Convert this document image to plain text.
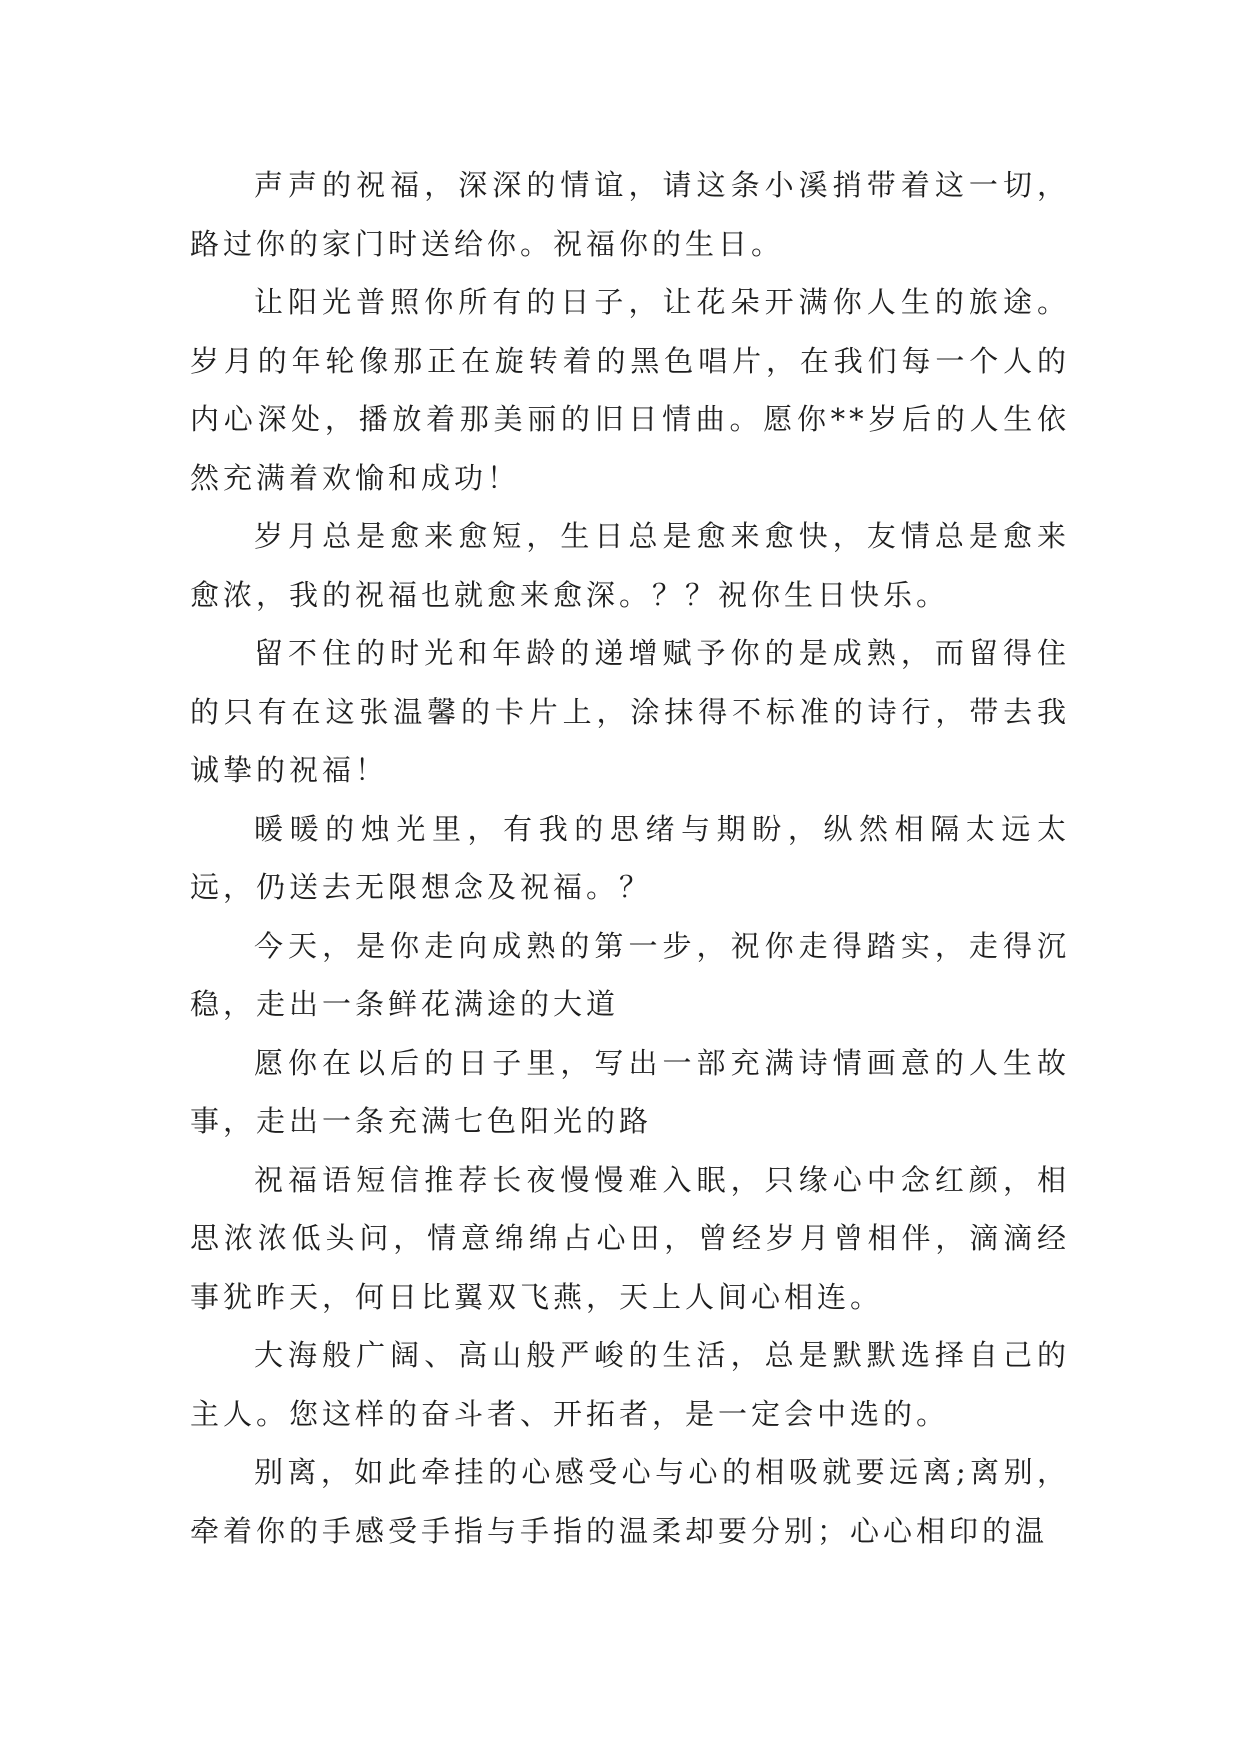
声声的祝福，深深的情谊，请这条小溪捎带着这一切，路过你的家门时送给你。祝福你的生日。

让阳光普照你所有的日子，让花朵开满你人生的旅途。岁月的年轮像那正在旋转着的黑色唱片，在我们每一个人的内心深处，播放着那美丽的旧日情曲。愿你**岁后的人生依然充满着欢愉和成功！

岁月总是愈来愈短，生日总是愈来愈快，友情总是愈来愈浓，我的祝福也就愈来愈深。？？祝你生日快乐。

留不住的时光和年龄的递增赋予你的是成熟，而留得住的只有在这张温馨的卡片上，涂抹得不标准的诗行，带去我诚挚的祝福！

暖暖的烛光里，有我的思绪与期盼，纵然相隔太远太远，仍送去无限想念及祝福。？

今天，是你走向成熟的第一步，祝你走得踏实，走得沉稳，走出一条鲜花满途的大道

愿你在以后的日子里，写出一部充满诗情画意的人生故事，走出一条充满七色阳光的路

祝福语短信推荐长夜慢慢难入眠，只缘心中念红颜，相思浓浓低头问，情意绵绵占心田，曾经岁月曾相伴，滴滴经事犹昨天，何日比翼双飞燕，天上人间心相连。

大海般广阔、高山般严峻的生活，总是默默选择自己的主人。您这样的奋斗者、开拓者，是一定会中选的。

别离，如此牵挂的心感受心与心的相吸就要远离;离别，牵着你的手感受手指与手指的温柔却要分别；心心相印的温
